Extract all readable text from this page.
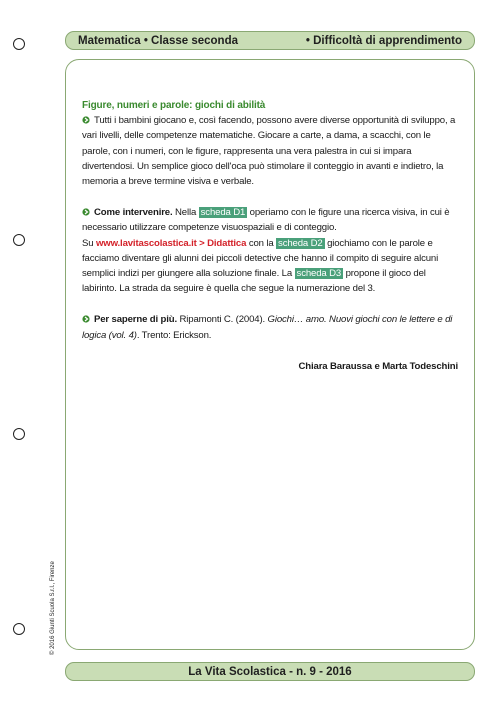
Matematica • Classe seconda	• Difficoltà di apprendimento
Figure, numeri e parole: giochi di abilità

Tutti i bambini giocano e, così facendo, possono avere diverse opportunità di sviluppo, a vari livelli, delle competenze matematiche. Giocare a carte, a dama, a scacchi, con le parole, con i numeri, con le figure, rappresenta una vera palestra in cui si impara divertendosi. Un semplice gioco dell'oca può stimolare il conteggio in avanti e indietro, la memoria a breve termine visiva e verbale.

Come intervenire. Nella scheda D1 operiamo con le figure una ricerca visiva, in cui è necessario utilizzare competenze visuospaziali e di conteggio.
Su www.lavitascolastica.it > Didattica con la scheda D2 giochiamo con le parole e facciamo diventare gli alunni dei piccoli detective che hanno il compito di seguire alcuni semplici indizi per giungere alla soluzione finale. La scheda D3 propone il gioco del labirinto. La strada da seguire è quella che segue la numerazione del 3.

Per saperne di più. Ripamonti C. (2004). Giochi… amo. Nuovi giochi con le lettere e di logica (vol. 4). Trento: Erickson.

Chiara Baraussa e Marta Todeschini
© 2016 Giunti Scuola S.r.l., Firenze
La Vita Scolastica - n. 9 - 2016
